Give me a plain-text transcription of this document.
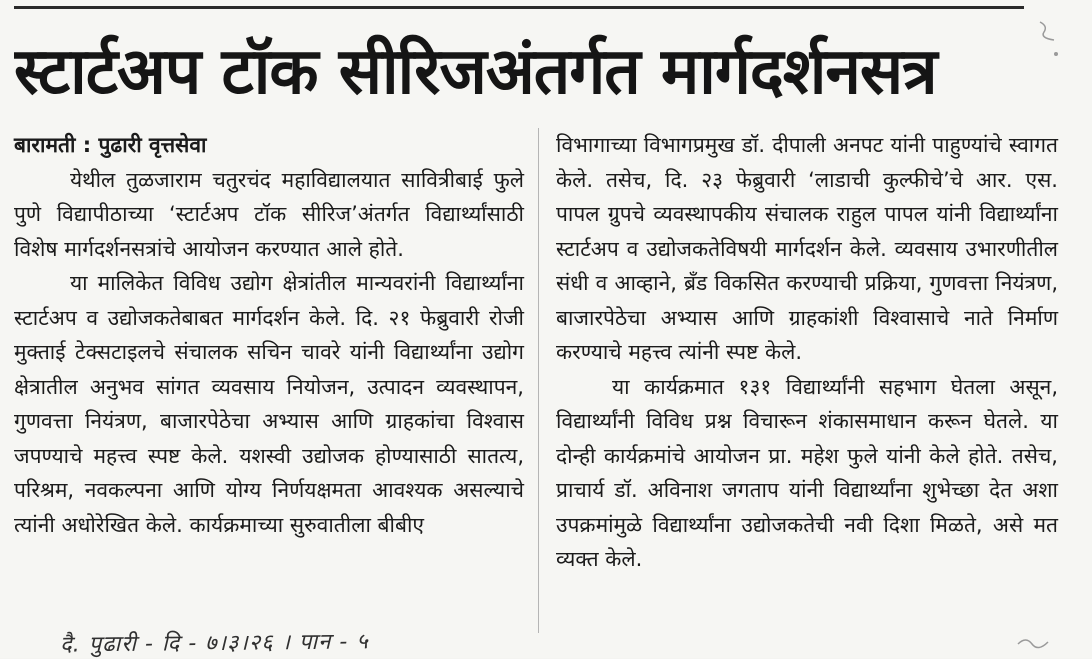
स्टार्टअप टॉक सीरिजअंतर्गत मार्गदर्शनसत्र

बारामती : पुढारी वृत्तसेवा

येथील तुळजाराम चतुरचंद महाविद्यालयात सावित्रीबाई फुले पुणे विद्यापीठाच्या ‘स्टार्टअप टॉक सीरिज’अंतर्गत विद्यार्थ्यांसाठी विशेष मार्गदर्शनसत्रांचे आयोजन करण्यात आले होते.

या मालिकेत विविध उद्योग क्षेत्रांतील मान्यवरांनी विद्यार्थ्यांना स्टार्टअप व उद्योजकतेबाबत मार्गदर्शन केले. दि. २१ फेब्रुवारी रोजी मुक्ताई टेक्सटाइलचे संचालक सचिन चावरे यांनी विद्यार्थ्यांना उद्योग क्षेत्रातील अनुभव सांगत व्यवसाय नियोजन, उत्पादन व्यवस्थापन, गुणवत्ता नियंत्रण, बाजारपेठेचा अभ्यास आणि ग्राहकांचा विश्वास जपण्याचे महत्त्व स्पष्ट केले. यशस्वी उद्योजक होण्यासाठी सातत्य, परिश्रम, नवकल्पना आणि योग्य निर्णयक्षमता आवश्यक असल्याचे त्यांनी अधोरेखित केले. कार्यक्रमाच्या सुरुवातीला बीबीए

विभागाच्या विभागप्रमुख डॉ. दीपाली अनपट यांनी पाहुण्यांचे स्वागत केले. तसेच, दि. २३ फेब्रुवारी ‘लाडाची कुल्फीचे’चे आर. एस. पापल ग्रुपचे व्यवस्थापकीय संचालक राहुल पापल यांनी विद्यार्थ्यांना स्टार्टअप व उद्योजकतेविषयी मार्गदर्शन केले. व्यवसाय उभारणीतील संधी व आव्हाने, ब्रँड विकसित करण्याची प्रक्रिया, गुणवत्ता नियंत्रण, बाजारपेठेचा अभ्यास आणि ग्राहकांशी विश्वासाचे नाते निर्माण करण्याचे महत्त्व त्यांनी स्पष्ट केले.

या कार्यक्रमात १३१ विद्यार्थ्यांनी सहभाग घेतला असून, विद्यार्थ्यांनी विविध प्रश्न विचारून शंकासमाधान करून घेतले. या दोन्ही कार्यक्रमांचे आयोजन प्रा. महेश फुले यांनी केले होते. तसेच, प्राचार्य डॉ. अविनाश जगताप यांनी विद्यार्थ्यांना शुभेच्छा देत अशा उपक्रमांमुळे विद्यार्थ्यांना उद्योजकतेची नवी दिशा मिळते, असे मत व्यक्त केले.

दै. पुढारी - दि - ७।३।२६ । पान - ५
